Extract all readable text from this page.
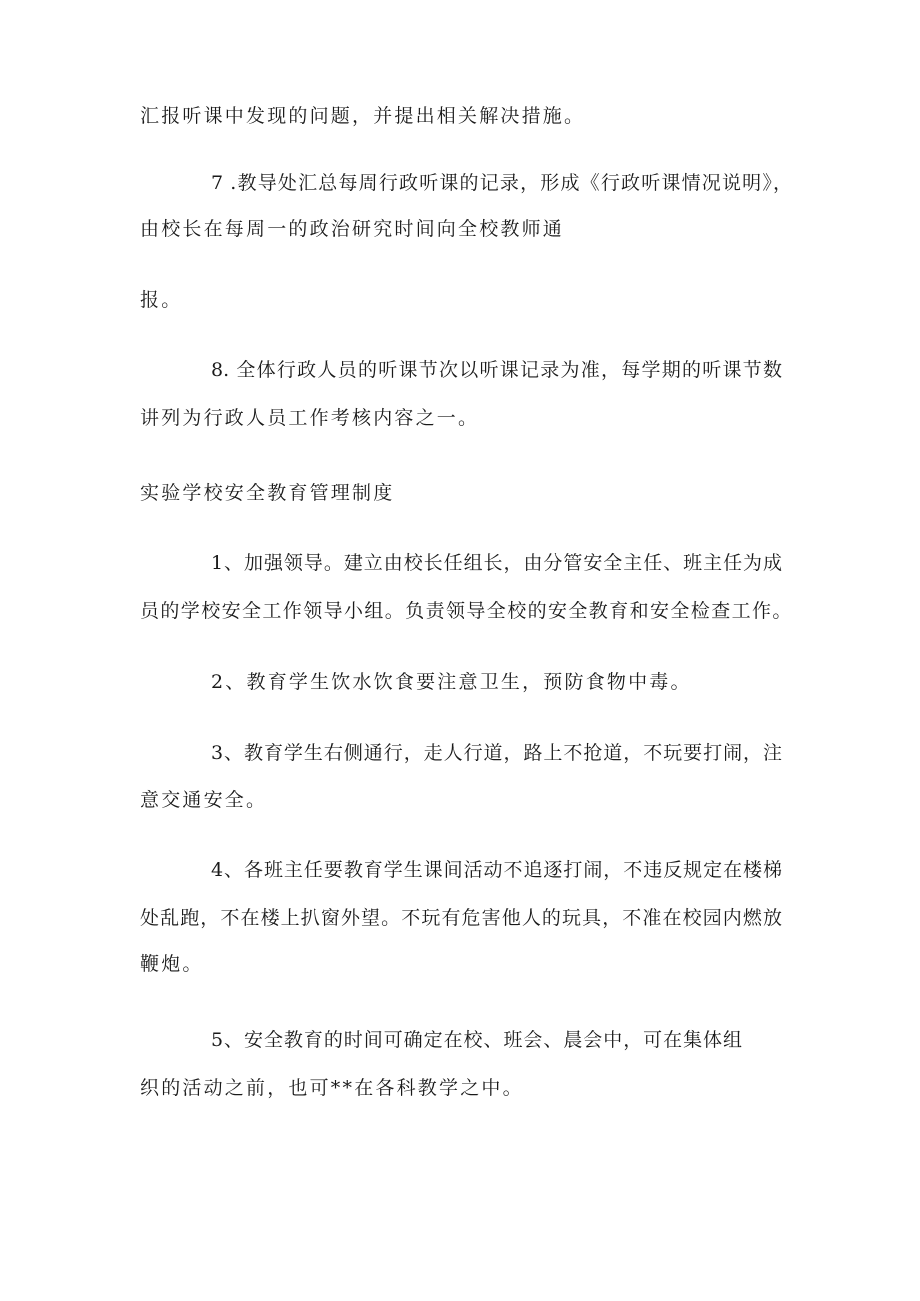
汇报听课中发现的问题，并提出相关解决措施。
7 .教导处汇总每周行政听课的记录，形成《行政听课情况说明》，
由校长在每周一的政治研究时间向全校教师通
报。
8. 全体行政人员的听课节次以听课记录为准，每学期的听课节数
讲列为行政人员工作考核内容之一。
实验学校安全教育管理制度
1、加强领导。建立由校长任组长，由分管安全主任、班主任为成
员的学校安全工作领导小组。负责领导全校的安全教育和安全检查工作。
2、教育学生饮水饮食要注意卫生，预防食物中毒。
3、教育学生右侧通行，走人行道，路上不抢道，不玩要打闹，注
意交通安全。
4、各班主任要教育学生课间活动不追逐打闹，不违反规定在楼梯
处乱跑，不在楼上扒窗外望。不玩有危害他人的玩具，不准在校园内燃放
鞭炮。
5、安全教育的时间可确定在校、班会、晨会中，可在集体组
织的活动之前，也可**在各科教学之中。
